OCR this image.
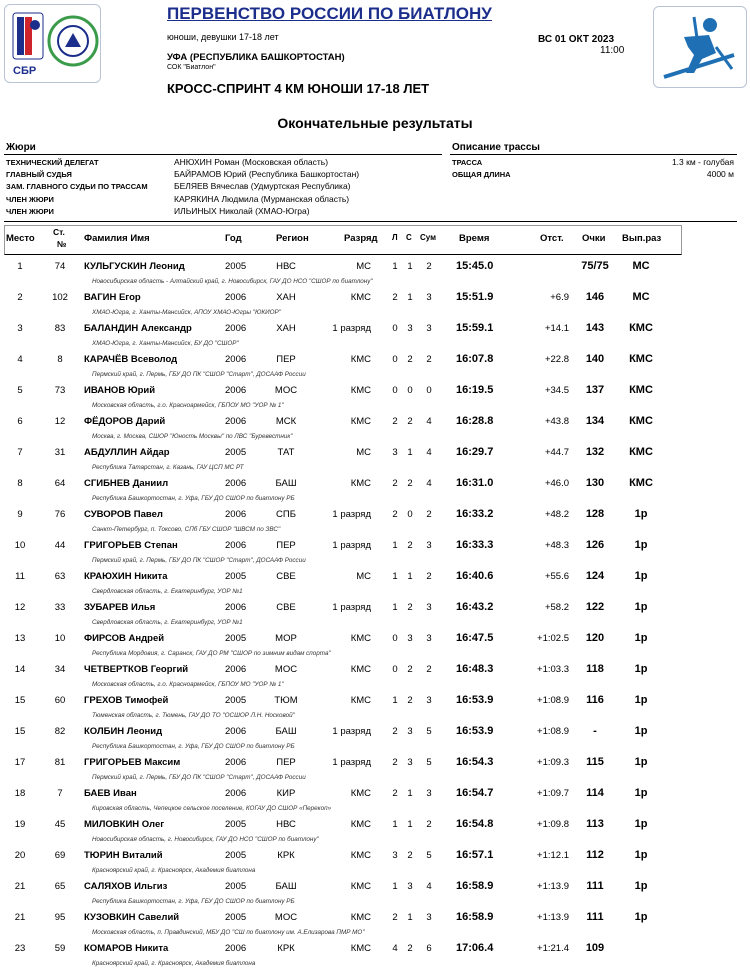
СБР
ПЕРВЕНСТВО РОССИИ ПО БИАТЛОНУ
юноши, девушки 17-18 лет
УФА (РЕСПУБЛИКА БАШКОРТОСТАН)
СОК "Биатлон"
ВС 01 ОКТ 2023
11:00
КРОСС-СПРИНТ 4 КМ ЮНОШИ 17-18 ЛЕТ
Окончательные результаты
Жюри
ТЕХНИЧЕСКИЙ ДЕЛЕГАТ	АНЮХИН Роман (Московская область)
ГЛАВНЫЙ СУДЬЯ	БАЙРАМОВ Юрий (Республика Башкортостан)
ЗАМ. ГЛАВНОГО СУДЬИ ПО ТРАССАМ	БЕЛЯЕВ Вячеслав (Удмуртская Республика)
ЧЛЕН ЖЮРИ	КАРЯКИНА Людмила (Мурманская область)
ЧЛЕН ЖЮРИ	ИЛЬИНЫХ Николай (ХМАО-Югра)
Описание трассы
ТРАССА	1.3 км - голубая
ОБЩАЯ ДЛИНА	4000 м
Место
Ст.
№ Фамилия Имя	Год	Регион	Разряд Л С Сум Время	Отст. Очки Вып.раз
1	74	КУЛЬГУСКИН Леонид	2005	НВС	МС	1	1	2	15:45.0	75/75	МС
Новосибирская область - Алтайский край, г. Новосибирск, ГАУ ДО НСО "СШОР по биатлону"
2	102	ВАГИН Егор	2006	ХАН	КМС	2	1	3	15:51.9	+6.9	146	МС
ХМАО-Югра, г. Ханты-Мансийск, АПОУ ХМАО-Югры "ЮКИОР"
3	83	БАЛАНДИН Александр	2006	ХАН	1 разряд	0	3	3	15:59.1	+14.1	143	КМС
ХМАО-Югра, г. Ханты-Мансийск, БУ ДО "СШОР"
4	8	КАРАЧЁВ Всеволод	2006	ПЕР	КМС	0	2	2	16:07.8	+22.8	140	КМС
Пермский край, г. Пермь, ГБУ ДО ПК "СШОР "Старт", ДОСААФ России
5	73	ИВАНОВ Юрий	2006	МОС	КМС	0	0	0	16:19.5	+34.5	137	КМС
Московская область, г.о. Красноармейск, ГБПОУ МО "УОР № 1"
6	12	ФЁДОРОВ Дарий	2006	МСК	КМС	2	2	4	16:28.8	+43.8	134	КМС
Москва, г. Москва, СШОР "Юность Москвы" по ЛВС "Буревестник"
7	31	АБДУЛЛИН Айдар	2005	ТАТ	МС	3	1	4	16:29.7	+44.7	132	КМС
Республика Татарстан, г. Казань, ГАУ ЦСП МС РТ
8	64	СГИБНЕВ Даниил	2006	БАШ	КМС	2	2	4	16:31.0	+46.0	130	КМС
Республика Башкортостан, г. Уфа, ГБУ ДО СШОР по биатлону РБ
9	76	СУВОРОВ Павел	2006	СПБ	1 разряд	2	0	2	16:33.2	+48.2	128	1р
Санкт-Петербург, п. Токсово, СПб ГБУ СШОР "ШВСМ по ЗВС"
10	44	ГРИГОРЬЕВ Степан	2006	ПЕР	1 разряд	1	2	3	16:33.3	+48.3	126	1р
Пермский край, г. Пермь, ГБУ ДО ПК "СШОР "Старт", ДОСААФ России
11	63	КРАЮХИН Никита	2005	СВЕ	МС	1	1	2	16:40.6	+55.6	124	1р
Свердловская область, г. Екатеринбург, УОР №1
12	33	ЗУБАРЕВ Илья	2006	СВЕ	1 разряд	1	2	3	16:43.2	+58.2	122	1р
Свердловская область, г. Екатеринбург, УОР №1
13	10	ФИРСОВ Андрей	2005	МОР	КМС	0	3	3	16:47.5	+1:02.5	120	1р
Республика Мордовия, г. Саранск, ГАУ ДО РМ "СШОР по зимним видам спорта"
14	34	ЧЕТВЕРТКОВ Георгий	2006	МОС	КМС	0	2	2	16:48.3	+1:03.3	118	1р
Московская область, г.о. Красноармейск, ГБПОУ МО "УОР № 1"
15	60	ГРЕХОВ Тимофей	2005	ТЮМ	КМС	1	2	3	16:53.9	+1:08.9	116	1р
Тюменская область, г. Тюмень, ГАУ ДО ТО "ОСШОР Л.Н. Носковой"
15	82	КОЛБИН Леонид	2006	БАШ	1 разряд	2	3	5	16:53.9	+1:08.9	-	1р
Республика Башкортостан, г. Уфа, ГБУ ДО СШОР по биатлону РБ
17	81	ГРИГОРЬЕВ Максим	2006	ПЕР	1 разряд	2	3	5	16:54.3	+1:09.3	115	1р
Пермский край, г. Пермь, ГБУ ДО ПК "СШОР "Старт", ДОСААФ России
18	7	БАЕВ Иван	2006	КИР	КМС	2	1	3	16:54.7	+1:09.7	114	1р
Кировская область, Чепецкое сельское поселение, КОГАУ ДО СШОР «Перекоп»
19	45	МИЛОВКИН Олег	2005	НВС	КМС	1	1	2	16:54.8	+1:09.8	113	1р
Новосибирская область, г. Новосибирск, ГАУ ДО НСО "СШОР по биатлону"
20	69	ТЮРИН Виталий	2005	КРК	КМС	3	2	5	16:57.1	+1:12.1	112	1р
Красноярский край, г. Красноярск, Академия биатлона
21	65	САЛЯХОВ Ильгиз	2005	БАШ	КМС	1	3	4	16:58.9	+1:13.9	111	1р
Республика Башкортостан, г. Уфа, ГБУ ДО СШОР по биатлону РБ
21	95	КУЗОВКИН Савелий	2005	МОС	КМС	2	1	3	16:58.9	+1:13.9	111	1р
Московская область, п. Правдинский, МБУ ДО "СШ по биатлону им. А.Елизарова ПМР МО"
23	59	КОМАРОВ Никита	2006	КРК	КМС	4	2	6	17:06.4	+1:21.4	109
Красноярский край, г. Красноярск, Академия биатлона
